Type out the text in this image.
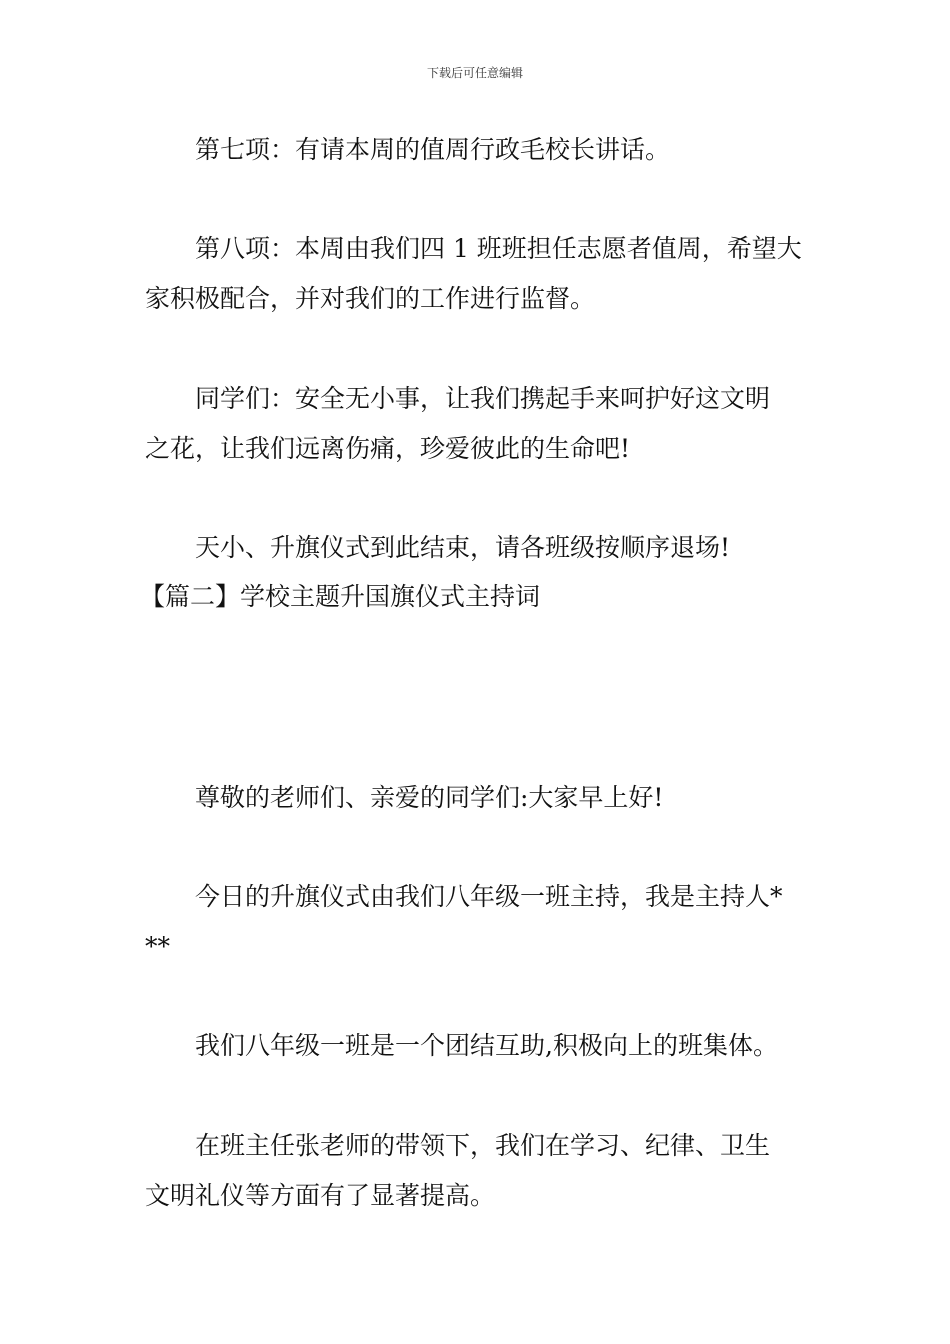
下载后可任意编辑
第七项：有请本周的值周行政毛校长讲话。
第八项：本周由我们四 1 班班担任志愿者值周，希望大
家积极配合，并对我们的工作进行监督。
同学们：安全无小事，让我们携起手来呵护好这文明
之花，让我们远离伤痛，珍爱彼此的生命吧!
天小、升旗仪式到此结束，请各班级按顺序退场!
【篇二】学校主题升国旗仪式主持词
尊敬的老师们、亲爱的同学们:大家早上好!
今日的升旗仪式由我们八年级一班主持，我是主持人*
**
我们八年级一班是一个团结互助,积极向上的班集体。
在班主任张老师的带领下，我们在学习、纪律、卫生
文明礼仪等方面有了显著提高。
